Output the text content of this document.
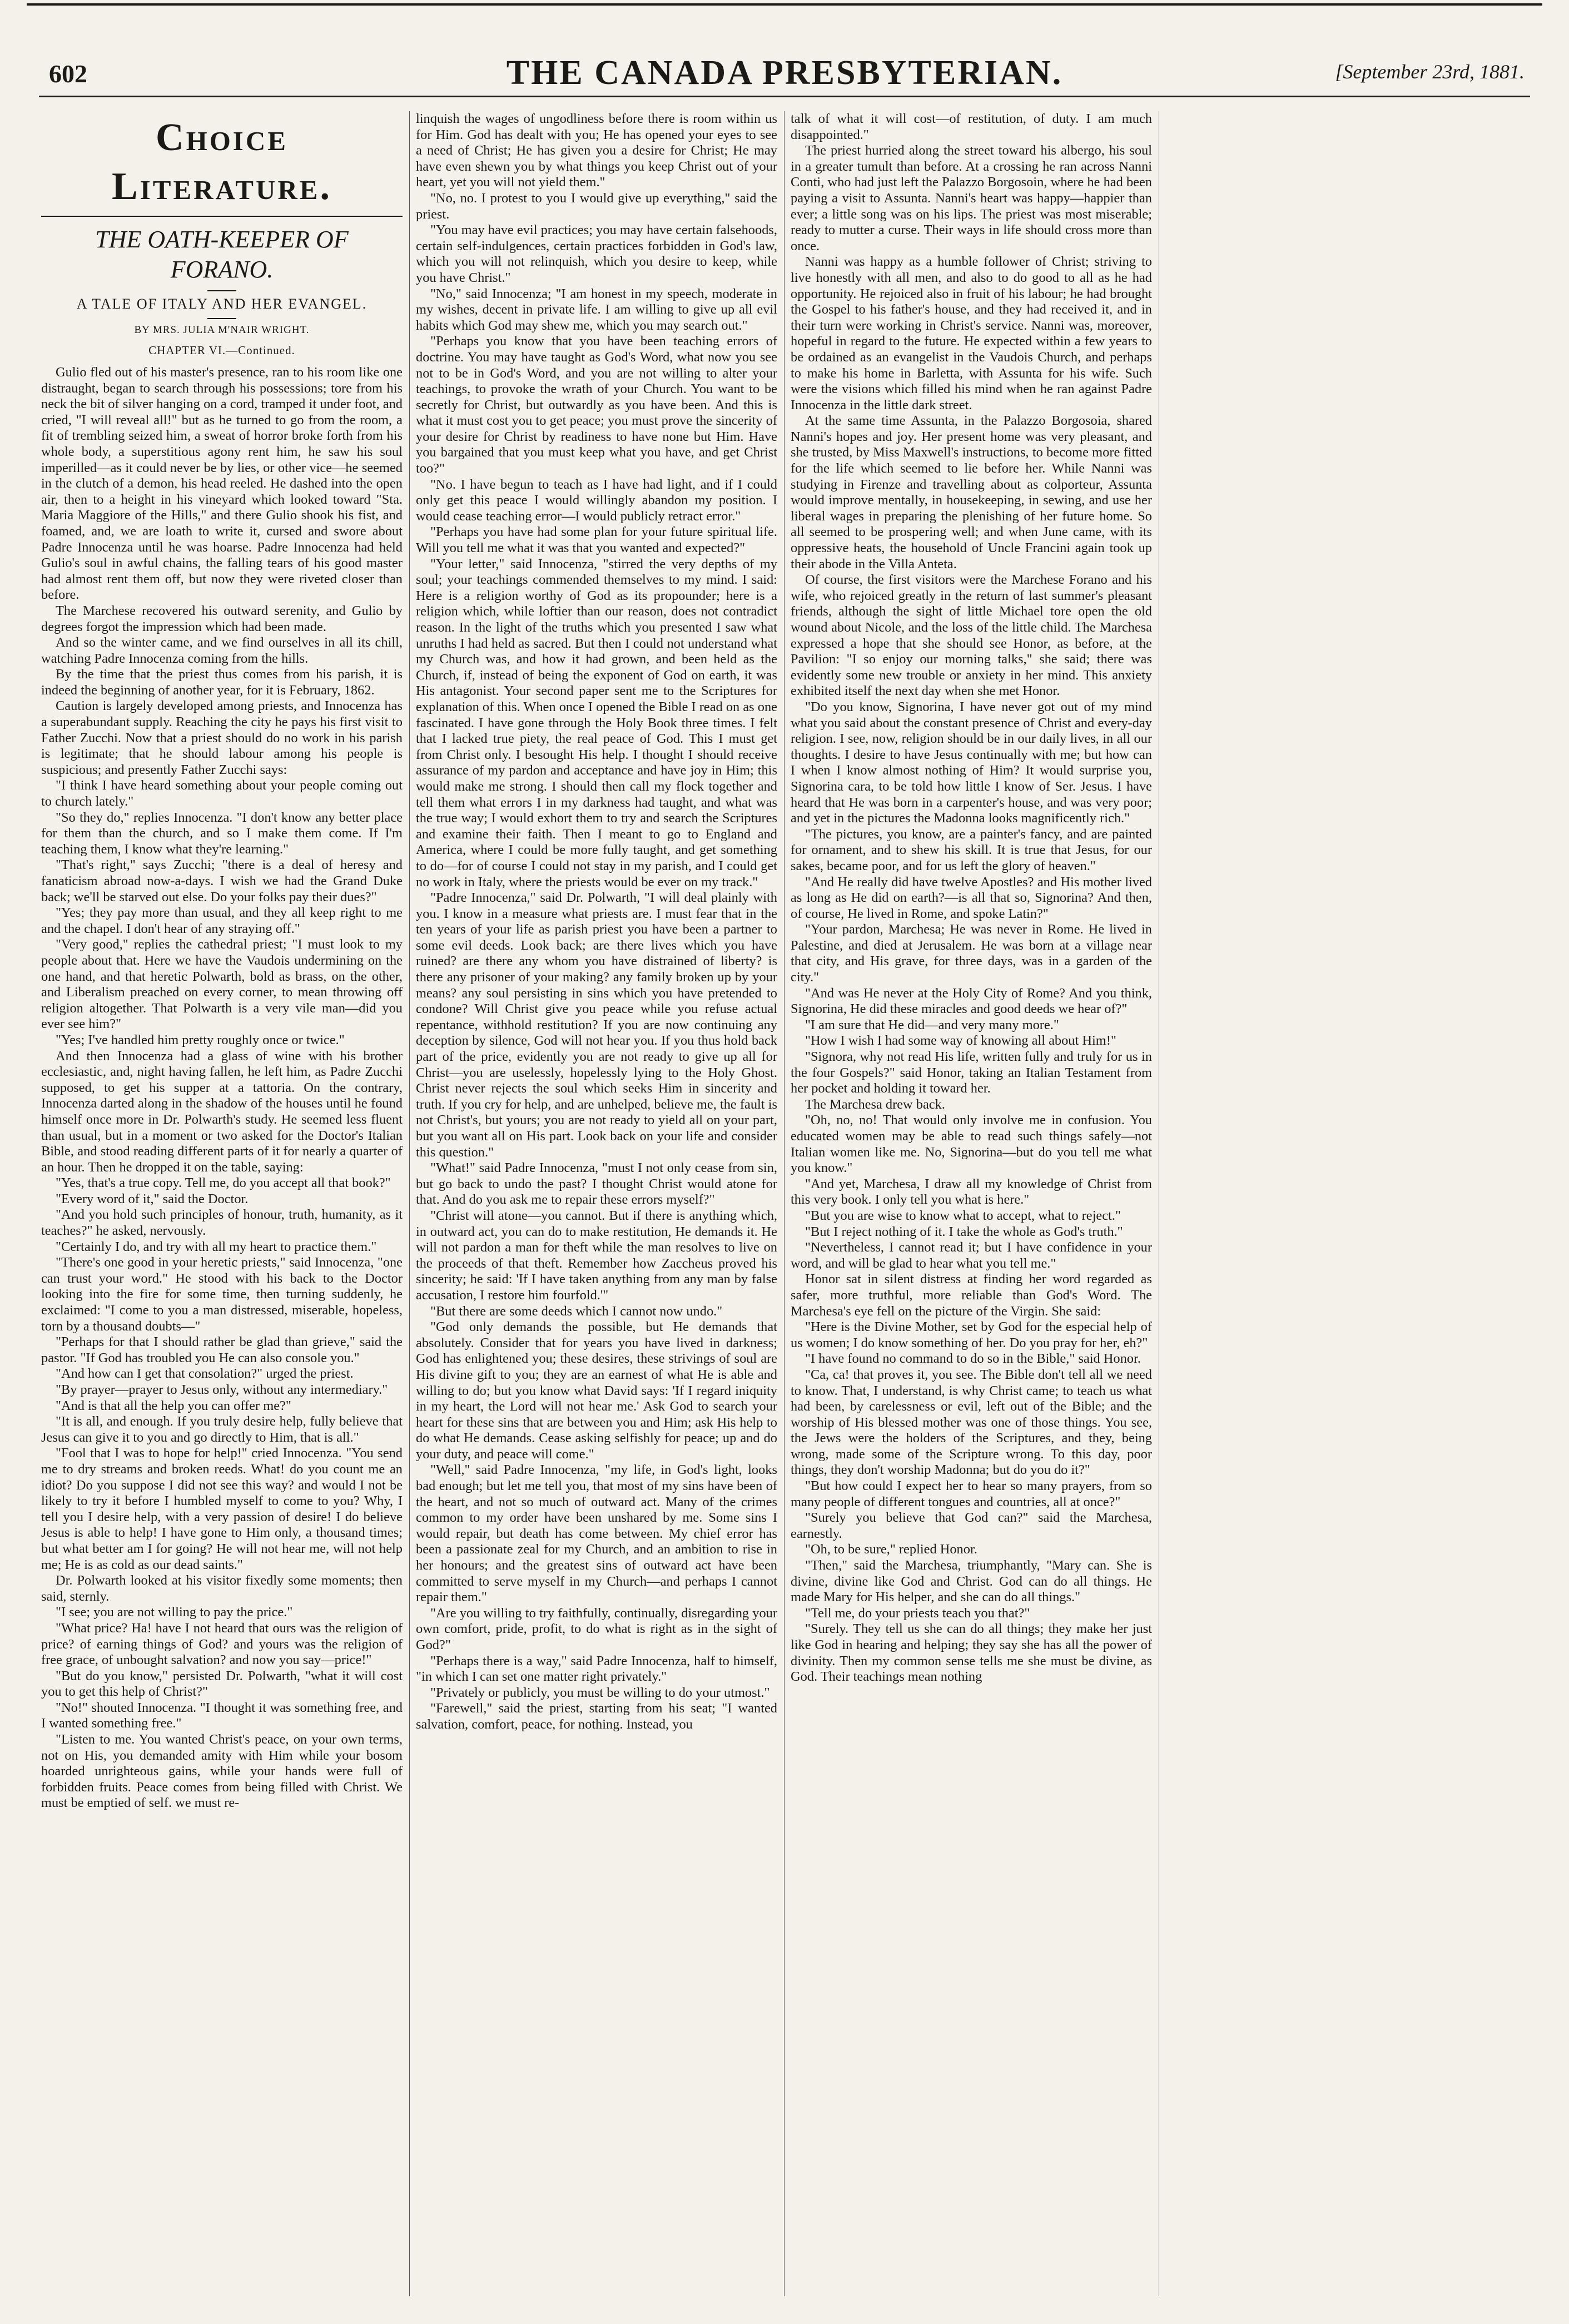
602	THE CANADA PRESBYTERIAN.	[September 23rd, 1881.
Choice Literature.
THE OATH-KEEPER OF FORANO.
A TALE OF ITALY AND HER EVANGEL.
BY MRS. JULIA M'NAIR WRIGHT.
CHAPTER VI.—Continued.

Gulio fled out of his master's presence, ran to his room like one distraught, began to search through his possessions; tore from his neck the bit of silver hanging on a cord, tramped it under foot, and cried, "I will reveal all!" but as he turned to go from the room, a fit of trembling seized him, a sweat of horror broke forth from his whole body, a superstitious agony rent him, he saw his soul imperilled—as it could never be by lies, or other vice—he seemed in the clutch of a demon, his head reeled. He dashed into the open air, then to a height in his vineyard which looked toward "Sta. Maria Maggiore of the Hills," and there Gulio shook his fist, and foamed, and, we are loath to write it, cursed and swore about Padre Innocenza until he was hoarse. Padre Innocenza had held Gulio's soul in awful chains, the falling tears of his good master had almost rent them off, but now they were riveted closer than before.

The Marchese recovered his outward serenity, and Gulio by degrees forgot the impression which had been made.

And so the winter came, and we find ourselves in all its chill, watching Padre Innocenza coming from the hills.

By the time that the priest thus comes from his parish, it is indeed the beginning of another year, for it is February, 1862.

Caution is largely developed among priests, and Innocenza has a superabundant supply. Reaching the city he pays his first visit to Father Zucchi. Now that a priest should do no work in his parish is legitimate; that he should labour among his people is suspicious; and presently Father Zucchi says:

"I think I have heard something about your people coming out to church lately."

"So they do," replies Innocenza. "I don't know any better place for them than the church, and so I make them come. If I'm teaching them, I know what they're learning."

"That's right," says Zucchi; "there is a deal of heresy and fanaticism abroad now-a-days. I wish we had the Grand Duke back; we'll be starved out else. Do your folks pay their dues?"

"Yes; they pay more than usual, and they all keep right to me and the chapel. I don't hear of any straying off."

"Very good," replies the cathedral priest; "I must look to my people about that. Here we have the Vaudois undermining on the one hand, and that heretic Polwarth, bold as brass, on the other, and Liberalism preached on every corner, to mean throwing off religion altogether. That Polwarth is a very vile man—did you ever see him?"

"Yes; I've handled him pretty roughly once or twice."

And then Innocenza had a glass of wine with his brother ecclesiastic, and, night having fallen, he left him, as Padre Zucchi supposed, to get his supper at a tattoria. On the contrary, Innocenza darted along in the shadow of the houses until he found himself once more in Dr. Polwarth's study. He seemed less fluent than usual, but in a moment or two asked for the Doctor's Italian Bible, and stood reading different parts of it for nearly a quarter of an hour. Then he dropped it on the table, saying:

"Yes, that's a true copy. Tell me, do you accept all that book?"

"Every word of it," said the Doctor.

"And you hold such principles of honour, truth, humanity, as it teaches?" he asked, nervously.

"Certainly I do, and try with all my heart to practice them."

"There's one good in your heretic priests," said Innocenza, "one can trust your word." He stood with his back to the Doctor looking into the fire for some time, then turning suddenly, he exclaimed: "I come to you a man distressed, miserable, hopeless, torn by a thousand doubts—"

"Perhaps for that I should rather be glad than grieve," said the pastor. "If God has troubled you He can also console you."

"And how can I get that consolation?" urged the priest.

"By prayer—prayer to Jesus only, without any intermediary."

"And is that all the help you can offer me?"

"It is all, and enough. If you truly desire help, fully believe that Jesus can give it to you and go directly to Him, that is all."

"Fool that I was to hope for help!" cried Innocenza. "You send me to dry streams and broken reeds. What! do you count me an idiot? Do you suppose I did not see this way? and would I not be likely to try it before I humbled myself to come to you? Why, I tell you I desire help, with a very passion of desire! I do believe Jesus is able to help! I have gone to Him only, a thousand times; but what better am I for going? He will not hear me, will not help me; He is as cold as our dead saints."

Dr. Polwarth looked at his visitor fixedly some moments; then said, sternly.

"I see; you are not willing to pay the price."

"What price? Ha! have I not heard that ours was the religion of price? of earning things of God? and yours was the religion of free grace, of unbought salvation? and now you say—price!"

"But do you know," persisted Dr. Polwarth, "what it will cost you to get this help of Christ?"

"No!" shouted Innocenza. "I thought it was something free, and I wanted something free."

"Listen to me. You wanted Christ's peace, on your own terms, not on His, you demanded amity with Him while your bosom hoarded unrighteous gains, while your hands were full of forbidden fruits. Peace comes from being filled with Christ. We must be emptied of self. we must re-

linquish the wages of ungodliness before there is room within us for Him. God has dealt with you; He has opened your eyes to see a need of Christ; He has given you a desire for Christ; He may have even shewn you by what things you keep Christ out of your heart, yet you will not yield them."

"No, no. I protest to you I would give up everything," said the priest.

"You may have evil practices; you may have certain falsehoods, certain self-indulgences, certain practices forbidden in God's law, which you will not relinquish, which you desire to keep, while you have Christ."

"No," said Innocenza; "I am honest in my speech, moderate in my wishes, decent in private life. I am willing to give up all evil habits which God may shew me, which you may search out."

"Perhaps you know that you have been teaching errors of doctrine. You may have taught as God's Word, what now you see not to be in God's Word, and you are not willing to alter your teachings, to provoke the wrath of your Church. You want to be secretly for Christ, but outwardly as you have been. And this is what it must cost you to get peace; you must prove the sincerity of your desire for Christ by readiness to have none but Him. Have you bargained that you must keep what you have, and get Christ too?"

"No. I have begun to teach as I have had light, and if I could only get this peace I would willingly abandon my position. I would cease teaching error—I would publicly retract error."

"Perhaps you have had some plan for your future spiritual life. Will you tell me what it was that you wanted and expected?"

"Your letter," said Innocenza, "stirred the very depths of my soul; your teachings commended themselves to my mind. I said: Here is a religion worthy of God as its propounder; here is a religion which, while loftier than our reason, does not contradict reason. In the light of the truths which you presented I saw what unruths I had held as sacred. But then I could not understand what my Church was, and how it had grown, and been held as the Church, if, instead of being the exponent of God on earth, it was His antagonist. Your second paper sent me to the Scriptures for explanation of this. When once I opened the Bible I read on as one fascinated. I have gone through the Holy Book three times. I felt that I lacked true piety, the real peace of God. This I must get from Christ only. I besought His help. I thought I should receive assurance of my pardon and acceptance and have joy in Him; this would make me strong. I should then call my flock together and tell them what errors I in my darkness had taught, and what was the true way; I would exhort them to try and search the Scriptures and examine their faith. Then I meant to go to England and America, where I could be more fully taught, and get something to do—for of course I could not stay in my parish, and I could get no work in Italy, where the priests would be ever on my track."

"Padre Innocenza," said Dr. Polwarth, "I will deal plainly with you. I know in a measure what priests are. I must fear that in the ten years of your life as parish priest you have been a partner to some evil deeds. Look back; are there lives which you have ruined? are there any whom you have distrained of liberty? is there any prisoner of your making? any family broken up by your means? any soul persisting in sins which you have pretended to condone? Will Christ give you peace while you refuse actual repentance, withhold restitution? If you are now continuing any deception by silence, God will not hear you. If you thus hold back part of the price, evidently you are not ready to give up all for Christ—you are uselessly, hopelessly lying to the Holy Ghost. Christ never rejects the soul which seeks Him in sincerity and truth. If you cry for help, and are unhelped, believe me, the fault is not Christ's, but yours; you are not ready to yield all on your part, but you want all on His part. Look back on your life and consider this question."

"What!" said Padre Innocenza, "must I not only cease from sin, but go back to undo the past? I thought Christ would atone for that. And do you ask me to repair these errors myself?"

"Christ will atone—you cannot. But if there is anything which, in outward act, you can do to make restitution, He demands it. He will not pardon a man for theft while the man resolves to live on the proceeds of that theft. Remember how Zaccheus proved his sincerity; he said: 'If I have taken anything from any man by false accusation, I restore him fourfold.'"

"But there are some deeds which I cannot now undo."

"God only demands the possible, but He demands that absolutely. Consider that for years you have lived in darkness; God has enlightened you; these desires, these strivings of soul are His divine gift to you; they are an earnest of what He is able and willing to do; but you know what David says: 'If I regard iniquity in my heart, the Lord will not hear me.' Ask God to search your heart for these sins that are between you and Him; ask His help to do what He demands. Cease asking selfishly for peace; up and do your duty, and peace will come."

"Well," said Padre Innocenza, "my life, in God's light, looks bad enough; but let me tell you, that most of my sins have been of the heart, and not so much of outward act. Many of the crimes common to my order have been unshared by me. Some sins I would repair, but death has come between. My chief error has been a passionate zeal for my Church, and an ambition to rise in her honours; and the greatest sins of outward act have been committed to serve myself in my Church—and perhaps I cannot repair them."

"Are you willing to try faithfully, continually, disregarding your own comfort, pride, profit, to do what is right as in the sight of God?"

"Perhaps there is a way," said Padre Innocenza, half to himself, "in which I can set one matter right privately."

"Privately or publicly, you must be willing to do your utmost."

"Farewell," said the priest, starting from his seat; "I wanted salvation, comfort, peace, for nothing. Instead, you

talk of what it will cost—of restitution, of duty. I am much disappointed."

The priest hurried along the street toward his albergo, his soul in a greater tumult than before. At a crossing he ran across Nanni Conti, who had just left the Palazzo Borgosoin, where he had been paying a visit to Assunta. Nanni's heart was happy—happier than ever; a little song was on his lips. The priest was most miserable; ready to mutter a curse. Their ways in life should cross more than once.

Nanni was happy as a humble follower of Christ; striving to live honestly with all men, and also to do good to all as he had opportunity. He rejoiced also in fruit of his labour; he had brought the Gospel to his father's house, and they had received it, and in their turn were working in Christ's service. Nanni was, moreover, hopeful in regard to the future. He expected within a few years to be ordained as an evangelist in the Vaudois Church, and perhaps to make his home in Barletta, with Assunta for his wife. Such were the visions which filled his mind when he ran against Padre Innocenza in the little dark street.

At the same time Assunta, in the Palazzo Borgosoia, shared Nanni's hopes and joy. Her present home was very pleasant, and she trusted, by Miss Maxwell's instructions, to become more fitted for the life which seemed to lie before her. While Nanni was studying in Firenze and travelling about as colporteur, Assunta would improve mentally, in housekeeping, in sewing, and use her liberal wages in preparing the plenishing of her future home. So all seemed to be prospering well; and when June came, with its oppressive heats, the household of Uncle Francini again took up their abode in the Villa Anteta.

Of course, the first visitors were the Marchese Forano and his wife, who rejoiced greatly in the return of last summer's pleasant friends, although the sight of little Michael tore open the old wound about Nicole, and the loss of the little child. The Marchesa expressed a hope that she should see Honor, as before, at the Pavilion: "I so enjoy our morning talks," she said; there was evidently some new trouble or anxiety in her mind. This anxiety exhibited itself the next day when she met Honor.

"Do you know, Signorina, I have never got out of my mind what you said about the constant presence of Christ and every-day religion. I see, now, religion should be in our daily lives, in all our thoughts. I desire to have Jesus continually with me; but how can I when I know almost nothing of Him? It would surprise you, Signorina cara, to be told how little I know of Ser. Jesus. I have heard that He was born in a carpenter's house, and was very poor; and yet in the pictures the Madonna looks magnificently rich."

"The pictures, you know, are a painter's fancy, and are painted for ornament, and to shew his skill. It is true that Jesus, for our sakes, became poor, and for us left the glory of heaven."

"And He really did have twelve Apostles? and His mother lived as long as He did on earth?—is all that so, Signorina? And then, of course, He lived in Rome, and spoke Latin?"

"Your pardon, Marchesa; He was never in Rome. He lived in Palestine, and died at Jerusalem. He was born at a village near that city, and His grave, for three days, was in a garden of the city."

"And was He never at the Holy City of Rome? And you think, Signorina, He did these miracles and good deeds we hear of?"

"I am sure that He did—and very many more."

"How I wish I had some way of knowing all about Him!"

"Signora, why not read His life, written fully and truly for us in the four Gospels?" said Honor, taking an Italian Testament from her pocket and holding it toward her.

The Marchesa drew back.

"Oh, no, no! That would only involve me in confusion. You educated women may be able to read such things safely—not Italian women like me. No, Signorina—but do you tell me what you know."

"And yet, Marchesa, I draw all my knowledge of Christ from this very book. I only tell you what is here."

"But you are wise to know what to accept, what to reject."

"But I reject nothing of it. I take the whole as God's truth."

"Nevertheless, I cannot read it; but I have confidence in your word, and will be glad to hear what you tell me."

Honor sat in silent distress at finding her word regarded as safer, more truthful, more reliable than God's Word. The Marchesa's eye fell on the picture of the Virgin. She said:

"Here is the Divine Mother, set by God for the especial help of us women; I do know something of her. Do you pray for her, eh?"

"I have found no command to do so in the Bible," said Honor.

"Ca, ca! that proves it, you see. The Bible don't tell all we need to know. That, I understand, is why Christ came; to teach us what had been, by carelessness or evil, left out of the Bible; and the worship of His blessed mother was one of those things. You see, the Jews were the holders of the Scriptures, and they, being wrong, made some of the Scripture wrong. To this day, poor things, they don't worship Madonna; but do you do it?"

"But how could I expect her to hear so many prayers, from so many people of different tongues and countries, all at once?"

"Surely you believe that God can?" said the Marchesa, earnestly.

"Oh, to be sure," replied Honor.

"Then," said the Marchesa, triumphantly, "Mary can. She is divine, divine like God and Christ. God can do all things. He made Mary for His helper, and she can do all things."

"Tell me, do your priests teach you that?"

"Surely. They tell us she can do all things; they make her just like God in hearing and helping; they say she has all the power of divinity. Then my common sense tells me she must be divine, as God. Their teachings mean nothing
